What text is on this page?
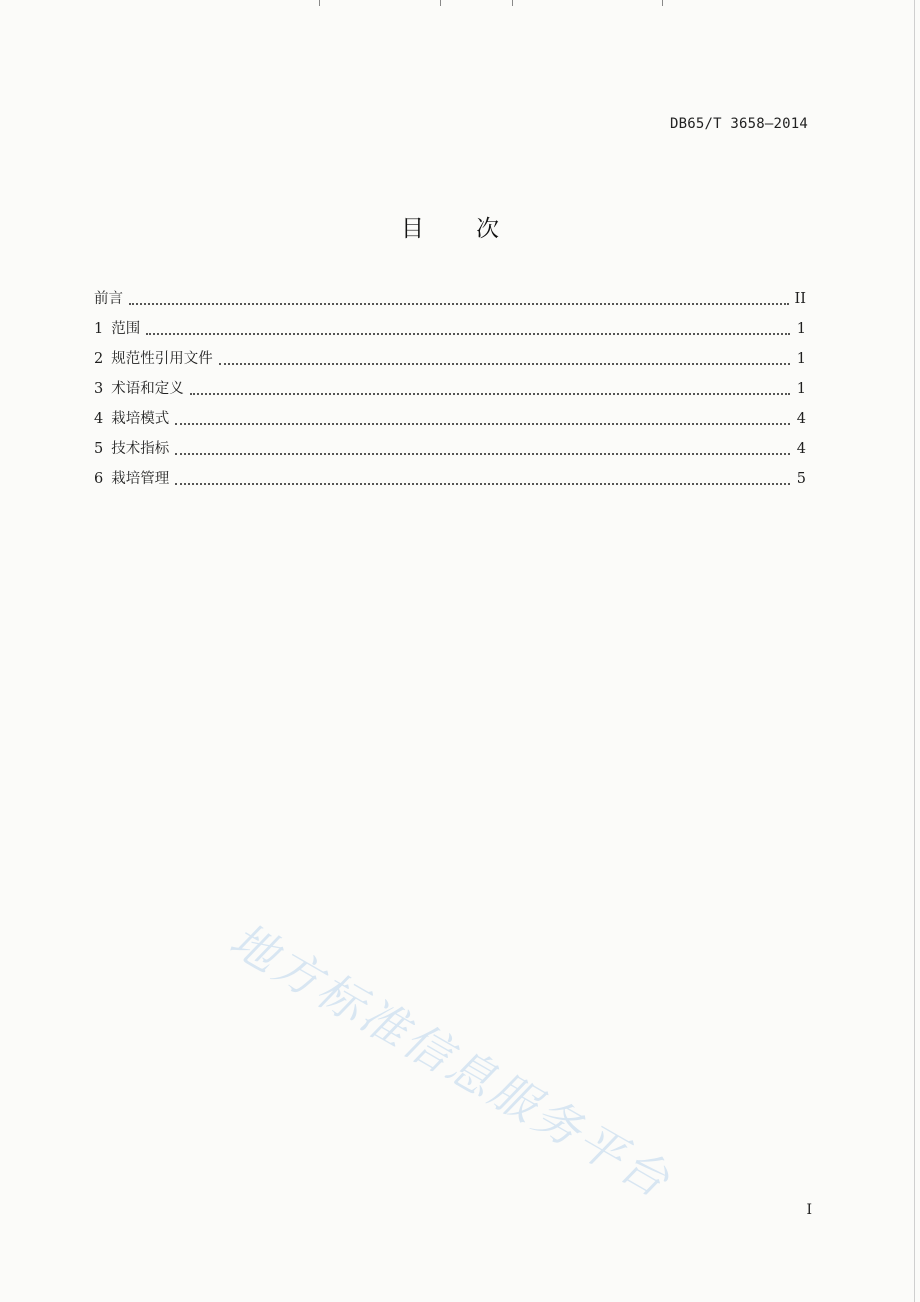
DB65/T 3658—2014
目 次
前言	II
1 范围	1
2 规范性引用文件	1
3 术语和定义	1
4 栽培模式	4
5 技术指标	4
6 栽培管理	5
地方标准信息服务平台
I
